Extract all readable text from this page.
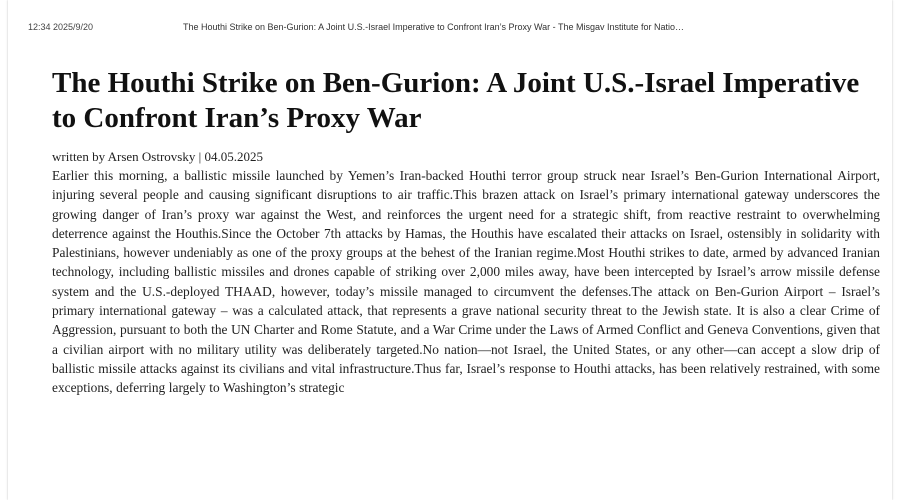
12:34 2025/9/20	The Houthi Strike on Ben-Gurion: A Joint U.S.-Israel Imperative to Confront Iran’s Proxy War - The Misgav Institute for Natio…
The Houthi Strike on Ben-Gurion: A Joint U.S.-Israel Imperative to Confront Iran’s Proxy War
written by Arsen Ostrovsky | 04.05.2025

Earlier this morning, a ballistic missile launched by Yemen’s Iran-backed Houthi terror group struck near Israel’s Ben-Gurion International Airport, injuring several people and causing significant disruptions to air traffic.This brazen attack on Israel’s primary international gateway underscores the growing danger of Iran’s proxy war against the West, and reinforces the urgent need for a strategic shift, from reactive restraint to overwhelming deterrence against the Houthis.Since the October 7th attacks by Hamas, the Houthis have escalated their attacks on Israel, ostensibly in solidarity with Palestinians, however undeniably as one of the proxy groups at the behest of the Iranian regime.Most Houthi strikes to date, armed by advanced Iranian technology, including ballistic missiles and drones capable of striking over 2,000 miles away, have been intercepted by Israel’s arrow missile defense system and the U.S.-deployed THAAD, however, today’s missile managed to circumvent the defenses.The attack on Ben-Gurion Airport – Israel’s primary international gateway – was a calculated attack, that represents a grave national security threat to the Jewish state. It is also a clear Crime of Aggression, pursuant to both the UN Charter and Rome Statute, and a War Crime under the Laws of Armed Conflict and Geneva Conventions, given that a civilian airport with no military utility was deliberately targeted.No nation—not Israel, the United States, or any other—can accept a slow drip of ballistic missile attacks against its civilians and vital infrastructure.Thus far, Israel’s response to Houthi attacks, has been relatively restrained, with some exceptions, deferring largely to Washington’s strategic
